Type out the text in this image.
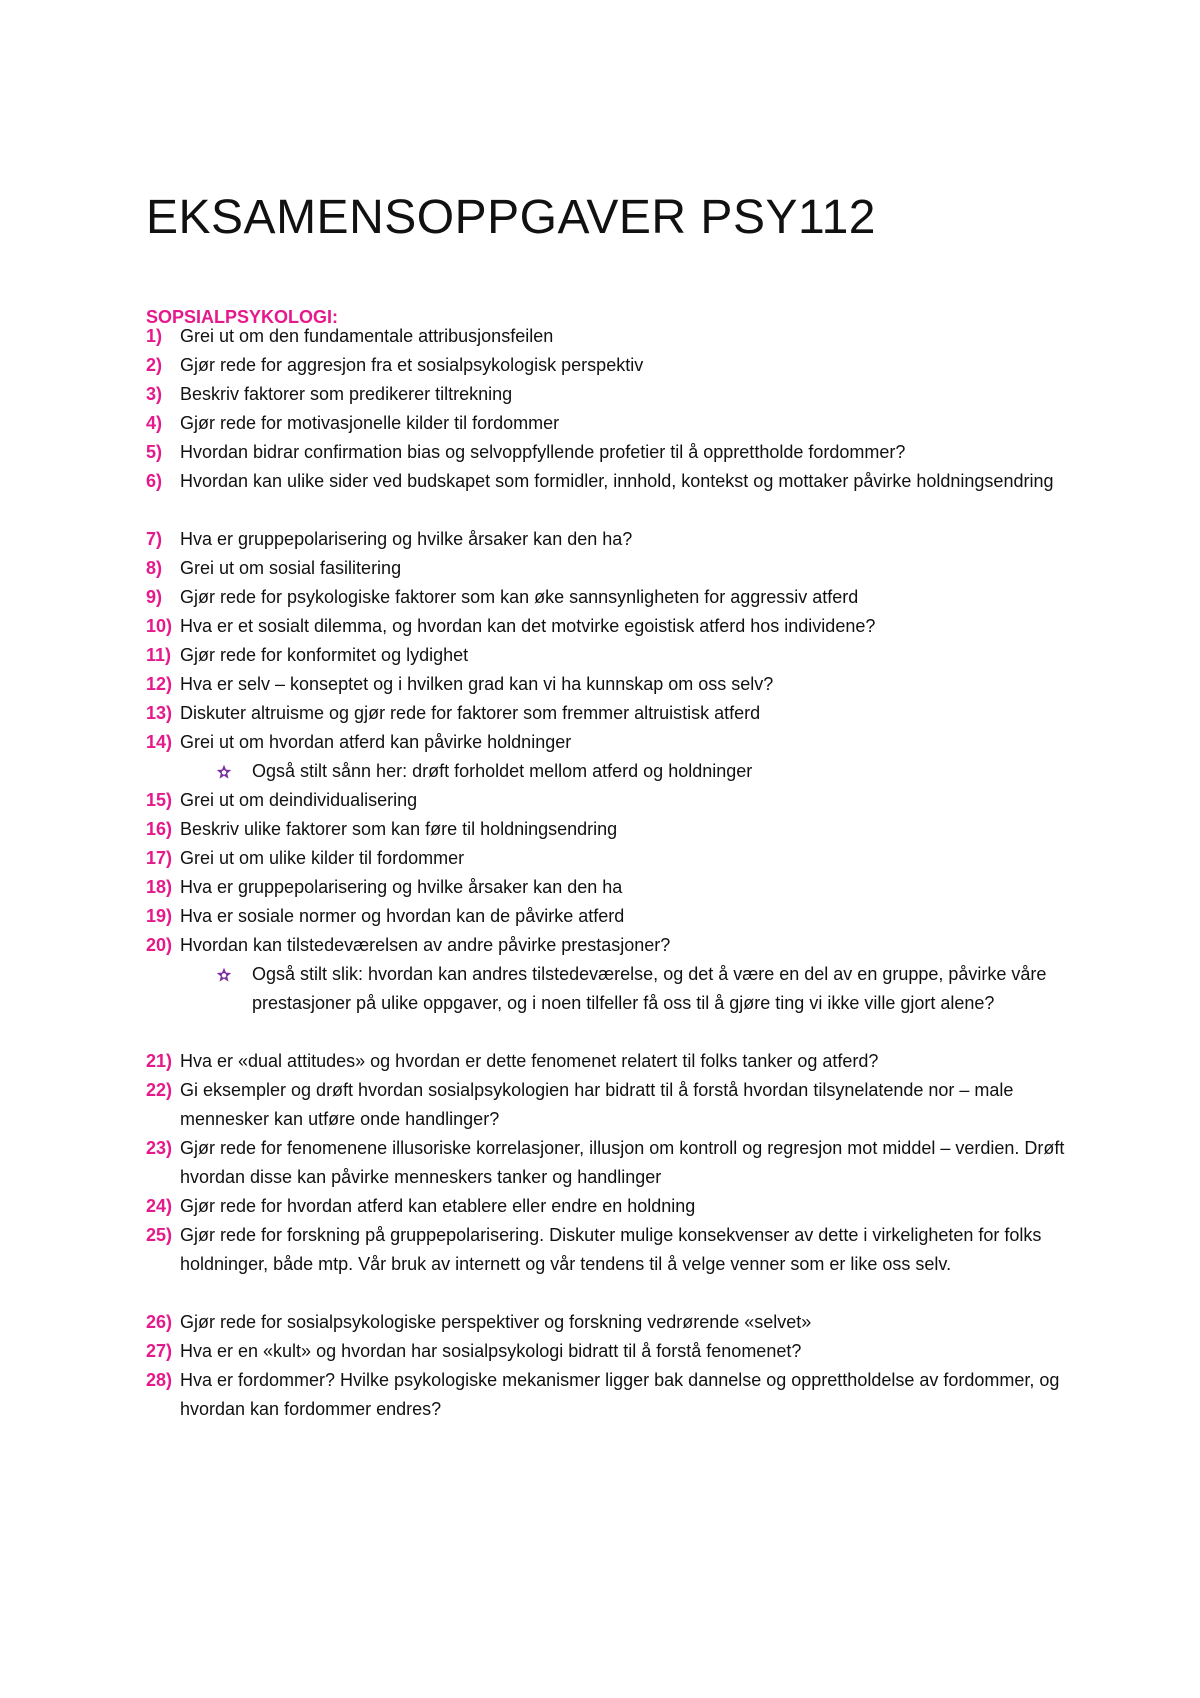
EKSAMENSOPPGAVER PSY112
SOPSIALPSYKOLOGI:
1) Grei ut om den fundamentale attribusjonsfeilen
2) Gjør rede for aggresjon fra et sosialpsykologisk perspektiv
3) Beskriv faktorer som predikerer tiltrekning
4) Gjør rede for motivasjonelle kilder til fordommer
5) Hvordan bidrar confirmation bias og selvoppfyllende profetier til å opprettholde fordommer?
6) Hvordan kan ulike sider ved budskapet som formidler, innhold, kontekst og mottaker påvirke holdningsendring
7) Hva er gruppepolarisering og hvilke årsaker kan den ha?
8) Grei ut om sosial fasilitering
9) Gjør rede for psykologiske faktorer som kan øke sannsynligheten for aggressiv atferd
10) Hva er et sosialt dilemma, og hvordan kan det motvirke egoistisk atferd hos individene?
11) Gjør rede for konformitet og lydighet
12) Hva er selv – konseptet og i hvilken grad kan vi ha kunnskap om oss selv?
13) Diskuter altruisme og gjør rede for faktorer som fremmer altruistisk atferd
14) Grei ut om hvordan atferd kan påvirke holdninger
Også stilt sånn her: drøft forholdet mellom atferd og holdninger
15) Grei ut om deindividualisering
16) Beskriv ulike faktorer som kan føre til holdningsendring
17) Grei ut om ulike kilder til fordommer
18) Hva er gruppepolarisering og hvilke årsaker kan den ha
19) Hva er sosiale normer og hvordan kan de påvirke atferd
20) Hvordan kan tilstedeværelsen av andre påvirke prestasjoner?
Også stilt slik: hvordan kan andres tilstedeværelse, og det å være en del av en gruppe, påvirke våre prestasjoner på ulike oppgaver, og i noen tilfeller få oss til å gjøre ting vi ikke ville gjort alene?
21) Hva er «dual attitudes» og hvordan er dette fenomenet relatert til folks tanker og atferd?
22) Gi eksempler og drøft hvordan sosialpsykologien har bidratt til å forstå hvordan tilsynelatende nor – male mennesker kan utføre onde handlinger?
23) Gjør rede for fenomenene illusoriske korrelasjoner, illusjon om kontroll og regresjon mot middel – verdien. Drøft hvordan disse kan påvirke menneskers tanker og handlinger
24) Gjør rede for hvordan atferd kan etablere eller endre en holdning
25) Gjør rede for forskning på gruppepolarisering. Diskuter mulige konsekvenser av dette i virkeligheten for folks holdninger, både mtp. Vår bruk av internett og vår tendens til å velge venner som er like oss selv.
26) Gjør rede for sosialpsykologiske perspektiver og forskning vedrørende «selvet»
27) Hva er en «kult» og hvordan har sosialpsykologi bidratt til å forstå fenomenet?
28) Hva er fordommer? Hvilke psykologiske mekanismer ligger bak dannelse og opprettholdelse av fordommer, og hvordan kan fordommer endres?
